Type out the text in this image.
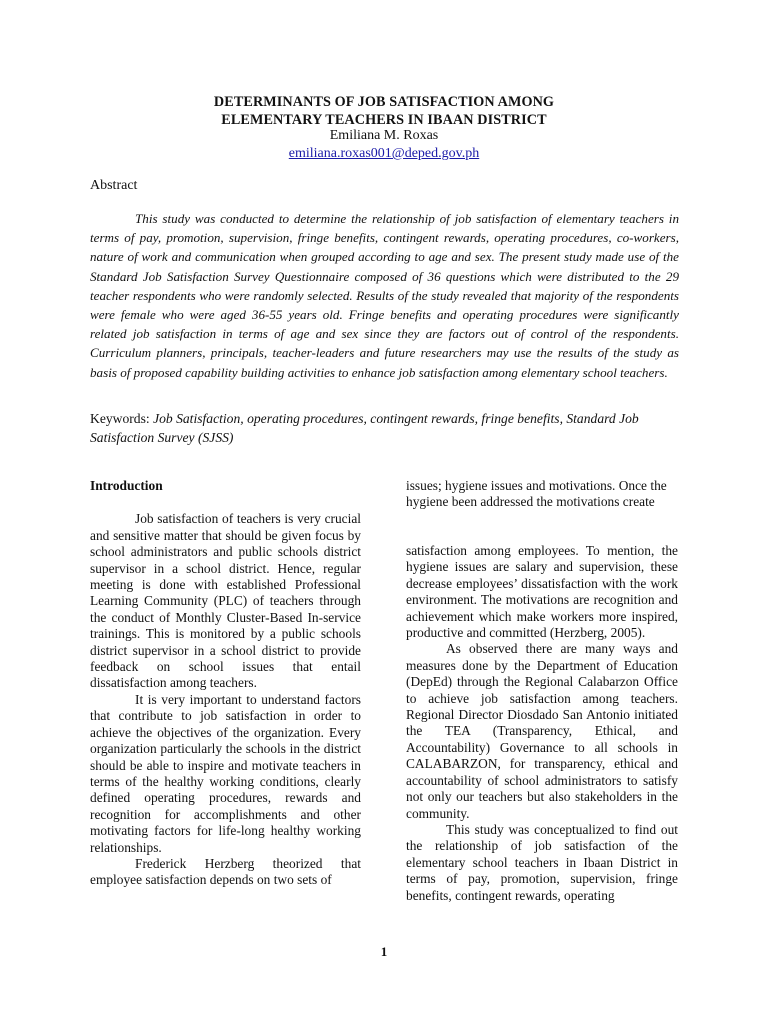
DETERMINANTS OF JOB SATISFACTION AMONG
ELEMENTARY TEACHERS IN IBAAN DISTRICT
Emiliana M. Roxas
emiliana.roxas001@deped.gov.ph
Abstract

This study was conducted to determine the relationship of job satisfaction of elementary teachers in terms of pay, promotion, supervision, fringe benefits, contingent rewards, operating procedures, co-workers, nature of work and communication when grouped according to age and sex. The present study made use of the Standard Job Satisfaction Survey Questionnaire composed of 36 questions which were distributed to the 29 teacher respondents who were randomly selected. Results of the study revealed that majority of the respondents were female who were aged 36-55 years old. Fringe benefits and operating procedures were significantly related job satisfaction in terms of age and sex since they are factors out of control of the respondents. Curriculum planners, principals, teacher-leaders and future researchers may use the results of the study as basis of proposed capability building activities to enhance job satisfaction among elementary school teachers.

Keywords: Job Satisfaction, operating procedures, contingent rewards, fringe benefits, Standard Job Satisfaction Survey (SJSS)

Introduction

Job satisfaction of teachers is very crucial and sensitive matter that should be given focus by school administrators and public schools district supervisor in a school district. Hence, regular meeting is done with established Professional Learning Community (PLC) of teachers through the conduct of Monthly Cluster-Based In-service trainings. This is monitored by a public schools district supervisor in a school district to provide feedback on school issues that entail dissatisfaction among teachers.

It is very important to understand factors that contribute to job satisfaction in order to achieve the objectives of the organization. Every organization particularly the schools in the district should be able to inspire and motivate teachers in terms of the healthy working conditions, clearly defined operating procedures, rewards and recognition for accomplishments and other motivating factors for life-long healthy working relationships.

Frederick Herzberg theorized that employee satisfaction depends on two sets of

issues; hygiene issues and motivations. Once the hygiene been addressed the motivations create

satisfaction among employees. To mention, the hygiene issues are salary and supervision, these decrease employees’ dissatisfaction with the work environment. The motivations are recognition and achievement which make workers more inspired, productive and committed (Herzberg, 2005).

As observed there are many ways and measures done by the Department of Education (DepEd) through the Regional Calabarzon Office to achieve job satisfaction among teachers. Regional Director Diosdado San Antonio initiated the TEA (Transparency, Ethical, and Accountability) Governance to all schools in CALABARZON, for transparency, ethical and accountability of school administrators to satisfy not only our teachers but also stakeholders in the community.

This study was conceptualized to find out the relationship of job satisfaction of the elementary school teachers in Ibaan District in terms of pay, promotion, supervision, fringe benefits, contingent rewards, operating

1
